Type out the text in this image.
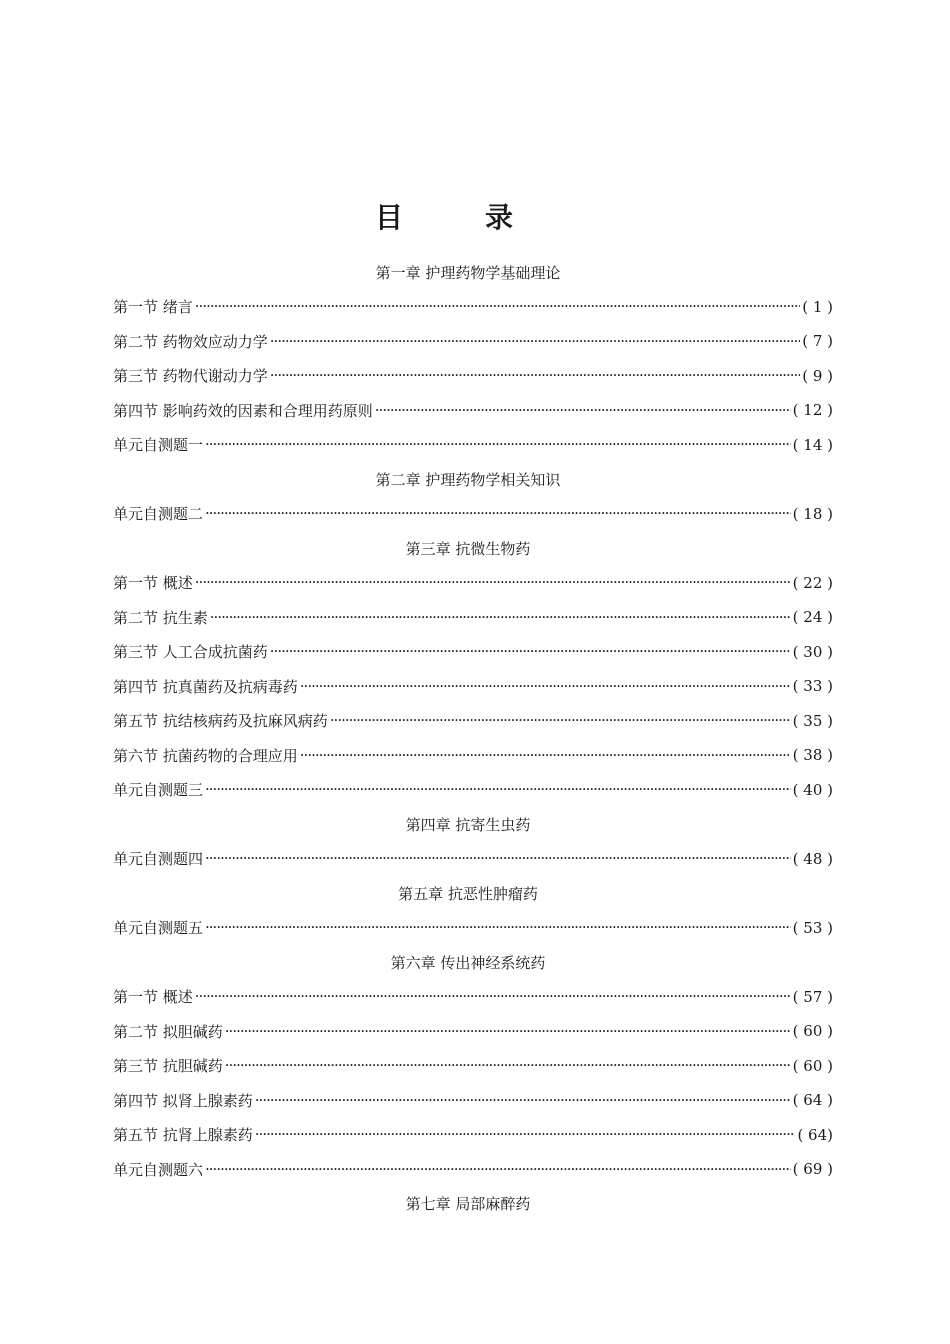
目	录
第一章 护理药物学基础理论
第一节 绪言 ·····	( 1 )
第二节 药物效应动力学 ·····	( 7 )
第三节 药物代谢动力学 ·····	( 9 )
第四节 影响药效的因素和合理用药原则 ·····	( 12 )
单元自测题一 ·····	( 14 )
第二章 护理药物学相关知识
单元自测题二 ·····	( 18 )
第三章 抗微生物药
第一节 概述 ·····	( 22 )
第二节 抗生素 ·····	( 24 )
第三节 人工合成抗菌药 ·····	( 30 )
第四节 抗真菌药及抗病毒药 ·····	( 33 )
第五节 抗结核病药及抗麻风病药 ·····	( 35 )
第六节 抗菌药物的合理应用 ·····	( 38 )
单元自测题三 ·····	( 40 )
第四章 抗寄生虫药
单元自测题四 ·····	( 48 )
第五章 抗恶性肿瘤药
单元自测题五 ·····	( 53 )
第六章 传出神经系统药
第一节 概述 ·····	( 57 )
第二节 拟胆碱药 ·····	( 60 )
第三节 抗胆碱药 ·····	( 60 )
第四节 拟肾上腺素药 ·····	( 64 )
第五节 抗肾上腺素药 ·····	( 64)
单元自测题六 ·····	( 69 )
第七章 局部麻醉药
